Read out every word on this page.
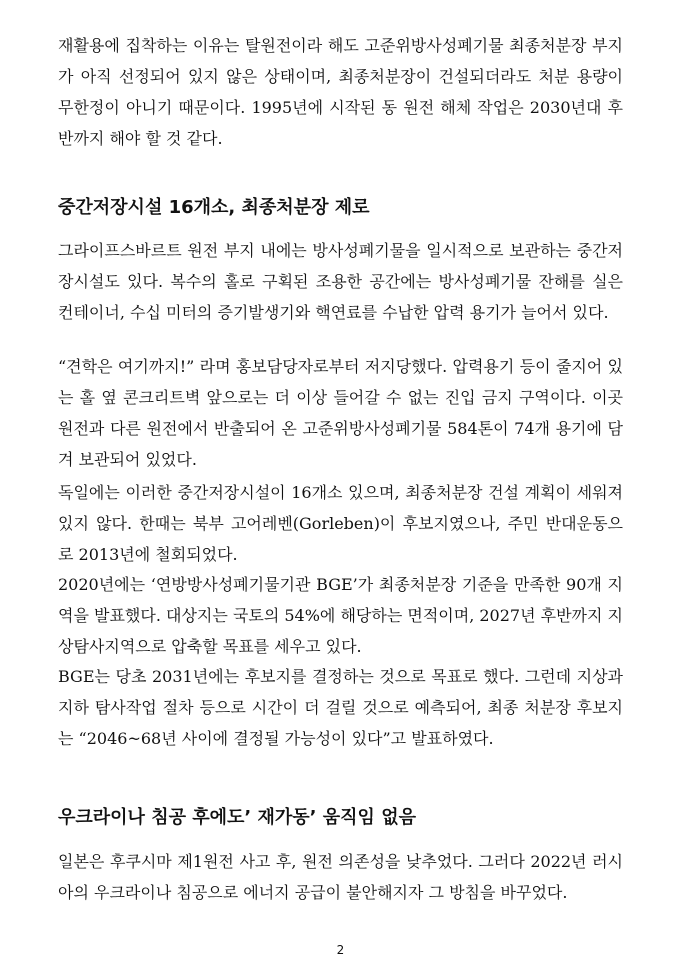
재활용에 집착하는 이유는 탈원전이라 해도 고준위방사성폐기물 최종처분장 부지가 아직 선정되어 있지 않은 상태이며, 최종처분장이 건설되더라도 처분 용량이 무한정이 아니기 때문이다. 1995년에 시작된 동 원전 해체 작업은 2030년대 후반까지 해야 할 것 같다.

중간저장시설 16개소, 최종처분장 제로

그라이프스바르트 원전 부지 내에는 방사성폐기물을 일시적으로 보관하는 중간저장시설도 있다. 복수의 홀로 구획된 조용한 공간에는 방사성폐기물 잔해를 실은 컨테이너, 수십 미터의 증기발생기와 핵연료를 수납한 압력 용기가 늘어서 있다.

“견학은 여기까지!” 라며 홍보담당자로부터 저지당했다. 압력용기 등이 줄지어 있는 홀 옆 콘크리트벽 앞으로는 더 이상 들어갈 수 없는 진입 금지 구역이다. 이곳 원전과 다른 원전에서 반출되어 온 고준위방사성폐기물 584톤이 74개 용기에 담겨 보관되어 있었다.

독일에는 이러한 중간저장시설이 16개소 있으며, 최종처분장 건설 계획이 세워져 있지 않다. 한때는 북부 고어레벤(Gorleben)이 후보지였으나, 주민 반대운동으로 2013년에 철회되었다.

2020년에는 ‘연방방사성폐기물기관 BGE’가 최종처분장 기준을 만족한 90개 지역을 발표했다. 대상지는 국토의 54%에 해당하는 면적이며, 2027년 후반까지 지상탐사지역으로 압축할 목표를 세우고 있다.

BGE는 당초 2031년에는 후보지를 결정하는 것으로 목표로 했다. 그런데 지상과 지하 탐사작업 절차 등으로 시간이 더 걸릴 것으로 예측되어, 최종 처분장 후보지는 “2046~68년 사이에 결정될 가능성이 있다”고 발표하였다.

우크라이나 침공 후에도’ 재가동’ 움직임 없음

일본은 후쿠시마 제1원전 사고 후, 원전 의존성을 낮추었다. 그러다 2022년 러시아의 우크라이나 침공으로 에너지 공급이 불안해지자 그 방침을 바꾸었다.

2
